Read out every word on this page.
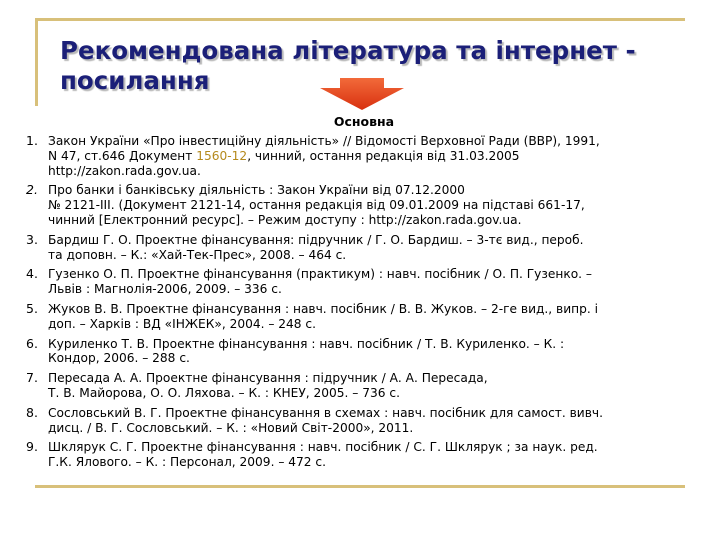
Рекомендована література та інтернет - посилання
Основна
1. Закон України «Про інвестиційну діяльність» // Відомості Верховної Ради (ВВР), 1991,
N 47, ст.646 Документ 1560-12, чинний, остання редакція від 31.03.2005
http://zakon.rada.gov.ua.
2. Про банки і банківську діяльність : Закон України від 07.12.2000
№ 2121-III. (Документ 2121-14, остання редакція від 09.01.2009 на підставі 661-17,
чинний [Електронний ресурс]. – Режим доступу : http://zakon.rada.gov.ua.
3. Бардиш Г. О. Проектне фінансування: підручник / Г. О. Бардиш. – 3-тє вид., пероб.
та доповн. – К.: «Хай-Тек-Прес», 2008. – 464 с.
4. Гузенко О. П. Проектне фінансування (практикум) : навч. посібник / О. П. Гузенко. –
Львів : Магнолія-2006, 2009. – 336 с.
5. Жуков В. В. Проектне фінансування : навч. посібник / В. В. Жуков. – 2-ге вид., випр. і
доп. – Харків : ВД «ІНЖЕК», 2004. – 248 с.
6. Куриленко Т. В. Проектне фінансування : навч. посібник / Т. В. Куриленко. – К. :
Кондор, 2006. – 288 с.
7. Пересада А. А. Проектне фінансування : підручник / А. А. Пересада,
Т. В. Майорова, О. О. Ляхова. – К. : КНЕУ, 2005. – 736 с.
8. Сословський В. Г. Проектне фінансування в схемах : навч. посібник для самост. вивч.
дисц. / В. Г. Сословський. – К. : «Новий Світ-2000», 2011.
9. Шклярук С. Г. Проектне фінансування : навч. посібник / С. Г. Шклярук ; за наук. ред.
Г.К. Ялового. – К. : Персонал, 2009. – 472 с.
